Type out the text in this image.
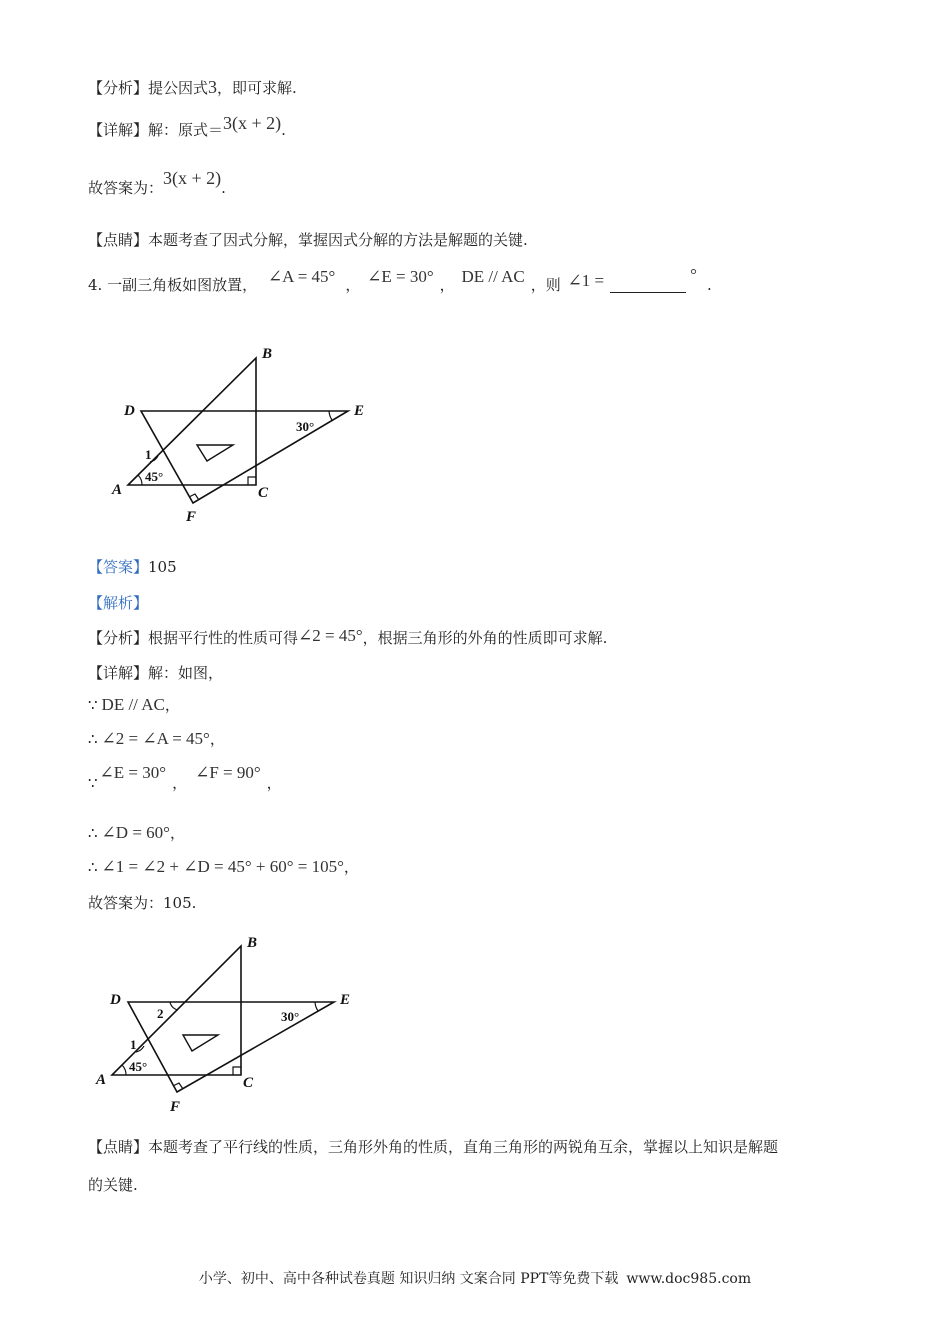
【分析】提公因式3，即可求解.
【详解】解：原式＝3(x + 2).
故答案为：3(x + 2).
【点睛】本题考查了因式分解，掌握因式分解的方法是解题的关键.
4. 一副三角板如图放置， ∠A = 45° ， ∠E = 30° ， DE // AC ，则 ∠1 =	°.
B
D	E
A	C
F
1
45°
30°
【答案】105
【解析】
【分析】根据平行性的性质可得∠2 = 45°，根据三角形的外角的性质即可求解.
【详解】解：如图，
∵ DE // AC，
∴ ∠2 = ∠A = 45°，
∵∠E = 30°，∠F = 90°，
∴ ∠D = 60°，
∴ ∠1 = ∠2 + ∠D = 45° + 60° = 105°，
故答案为：105.
B
D	E
A	C
F
2
1
45°
30°
【点睛】本题考查了平行线的性质，三角形外角的性质，直角三角形的两锐角互余，掌握以上知识是解题
的关键.
小学、初中、高中各种试卷真题 知识归纳 文案合同 PPT等免费下载 www.doc985.com
